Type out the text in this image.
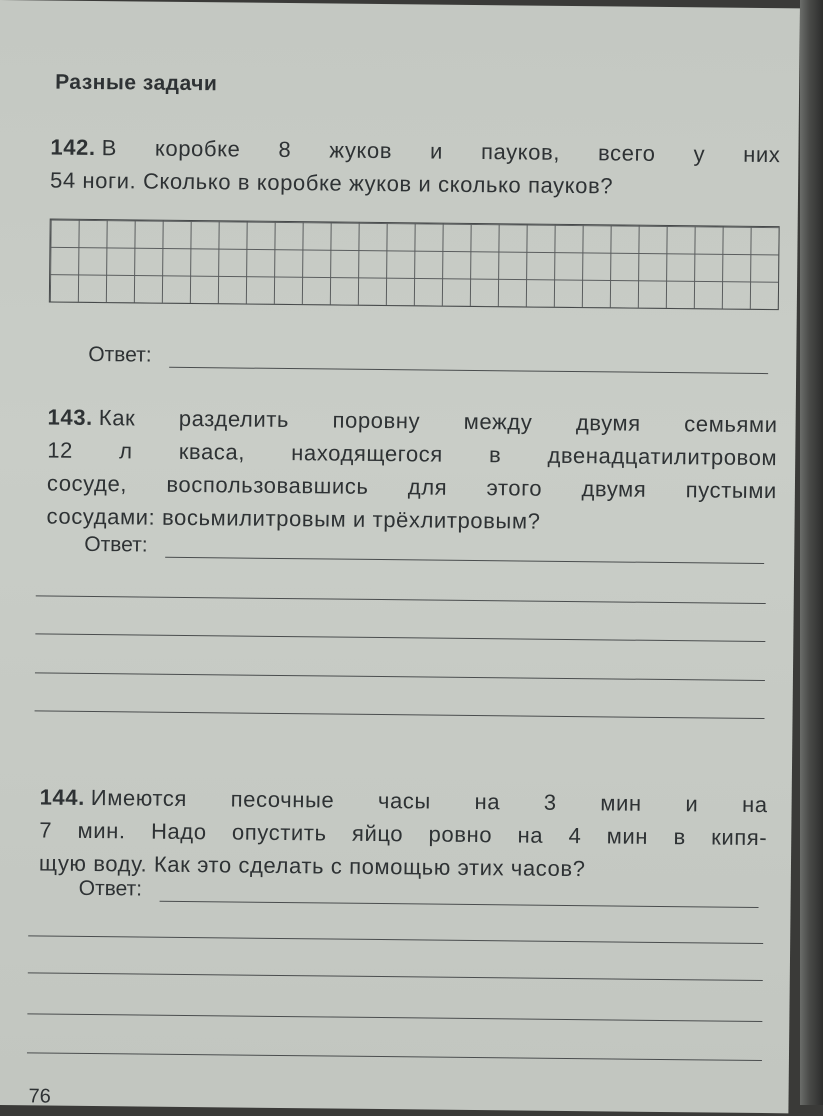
Разные задачи

142. В коробке 8 жуков и пауков, всего у них

54 ноги. Сколько в коробке жуков и сколько пауков?

Ответ:

143. Как разделить поровну между двумя семьями

12 л кваса, находящегося в двенадцатилитровом

сосуде, воспользовавшись для этого двумя пустыми

сосудами: восьмилитровым и трёхлитровым?

Ответ:

144. Имеются песочные часы на 3 мин и на

7 мин. Надо опустить яйцо ровно на 4 мин в кипя-

щую воду. Как это сделать с помощью этих часов?

Ответ:
76
